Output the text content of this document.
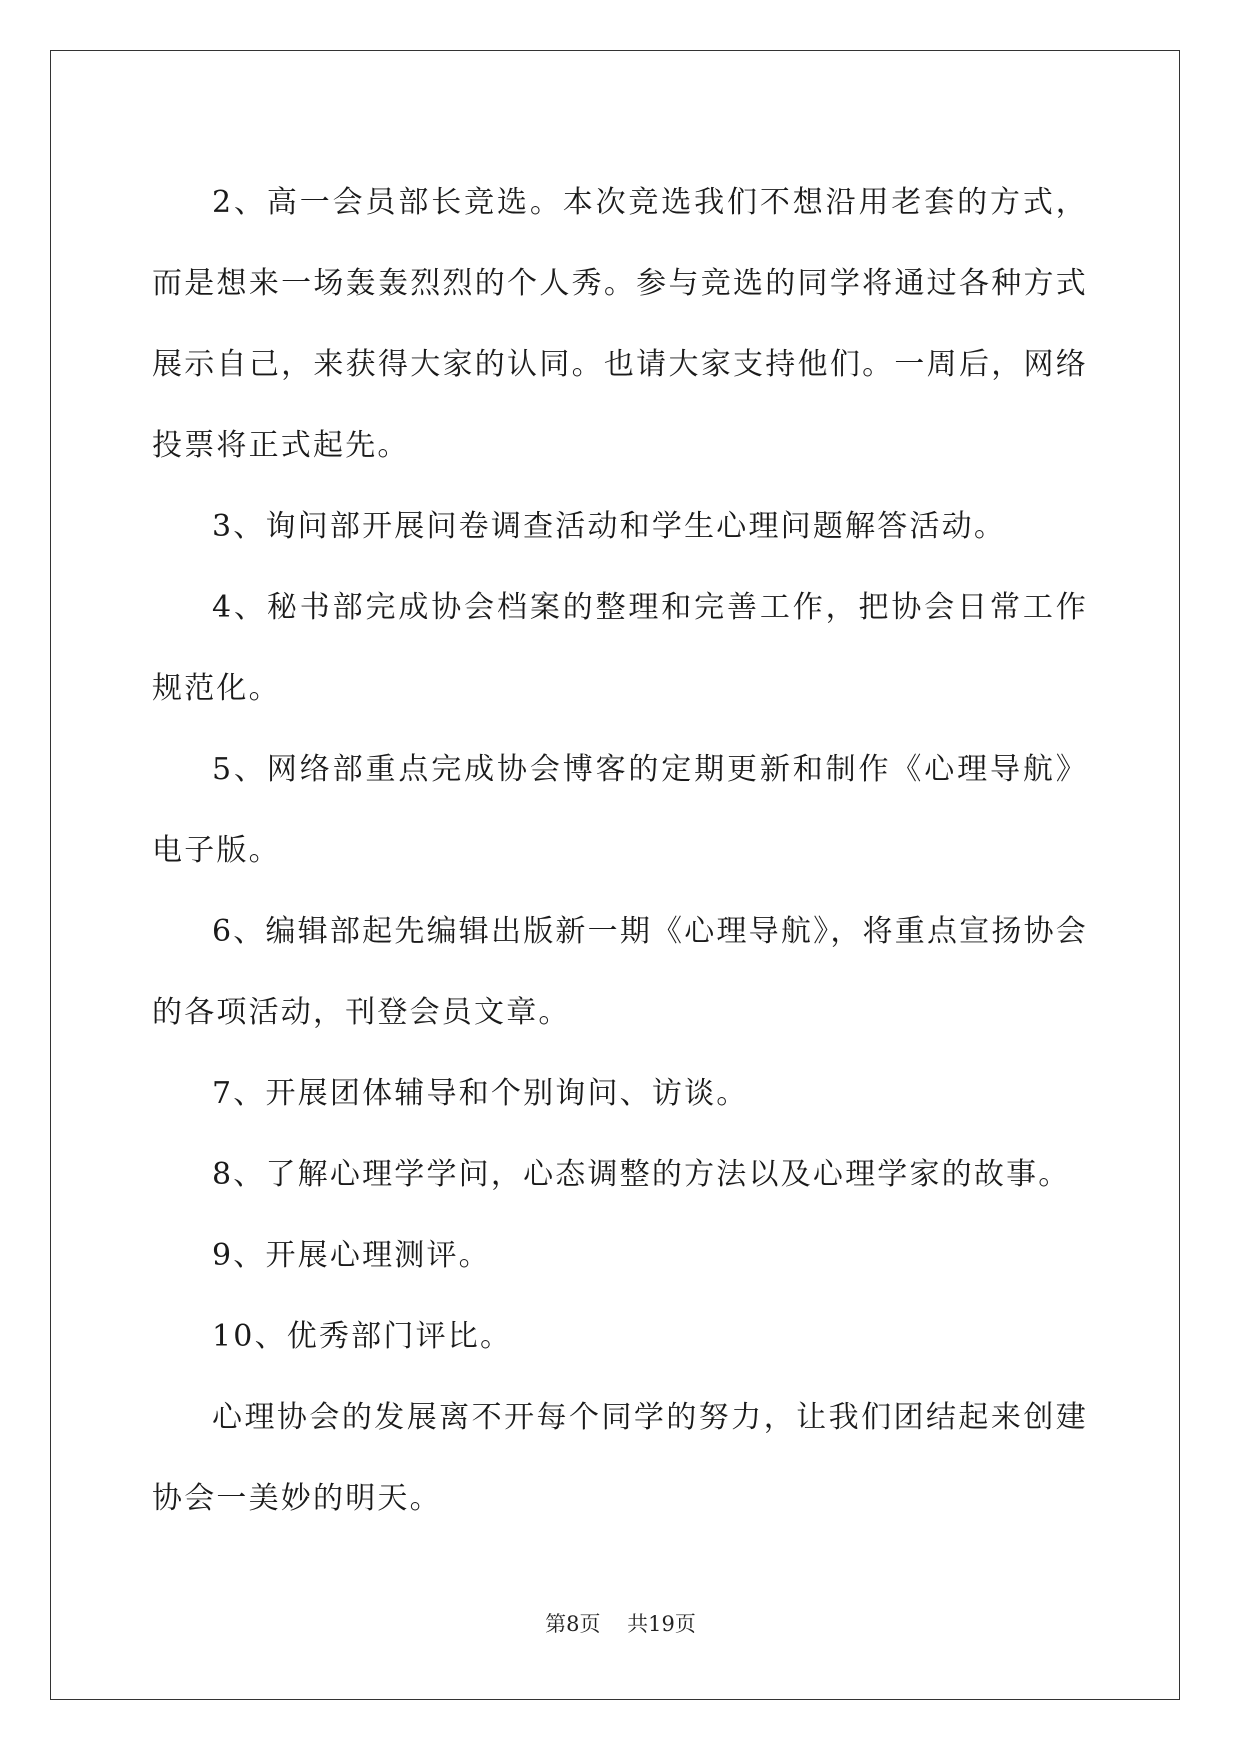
2、高一会员部长竞选。本次竞选我们不想沿用老套的方式，而是想来一场轰轰烈烈的个人秀。参与竞选的同学将通过各种方式展示自己，来获得大家的认同。也请大家支持他们。一周后，网络投票将正式起先。

3、询问部开展问卷调查活动和学生心理问题解答活动。

4、秘书部完成协会档案的整理和完善工作，把协会日常工作规范化。

5、网络部重点完成协会博客的定期更新和制作《心理导航》电子版。

6、编辑部起先编辑出版新一期《心理导航》，将重点宣扬协会的各项活动，刊登会员文章。

7、开展团体辅导和个别询问、访谈。

8、了解心理学学问，心态调整的方法以及心理学家的故事。

9、开展心理测评。

10、优秀部门评比。

心理协会的发展离不开每个同学的努力，让我们团结起来创建协会一美妙的明天。

第8页    共19页
